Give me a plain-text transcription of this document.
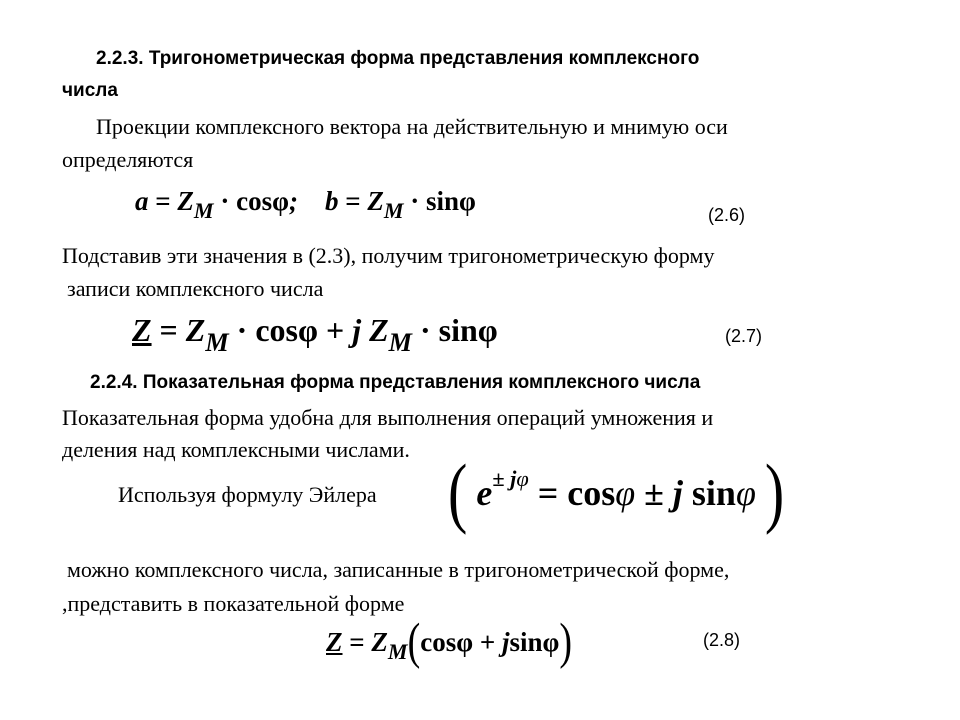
2.2.3. Тригонометрическая форма представления комплексного
числа
Проекции комплексного вектора на действительную и мнимую оси
определяются
$a = Z_M \cdot \cos\varphi$; $b = Z_M \cdot \sin\varphi$	(2.6)
Подставив эти значения в (2.3), получим тригонометрическую форму
записи комплексного числа
$Z = Z_M \cdot \cos\varphi + j$ $Z_M \cdot \sin\varphi$	(2.7)
2.2.4. Показательная форма представления комплексного числа
Показательная форма удобна для выполнения операций умножения и
деления над комплексными числами.
Используя формулу Эйлера ( $e^{\pm j\varphi} = \cos\varphi \pm j$ sinφ )
можно комплексного числа, записанные в тригонометрической форме,
,представить в показательной форме
$Z = Z_M(\cos\varphi + jsin\varphi)$	(2.8)
